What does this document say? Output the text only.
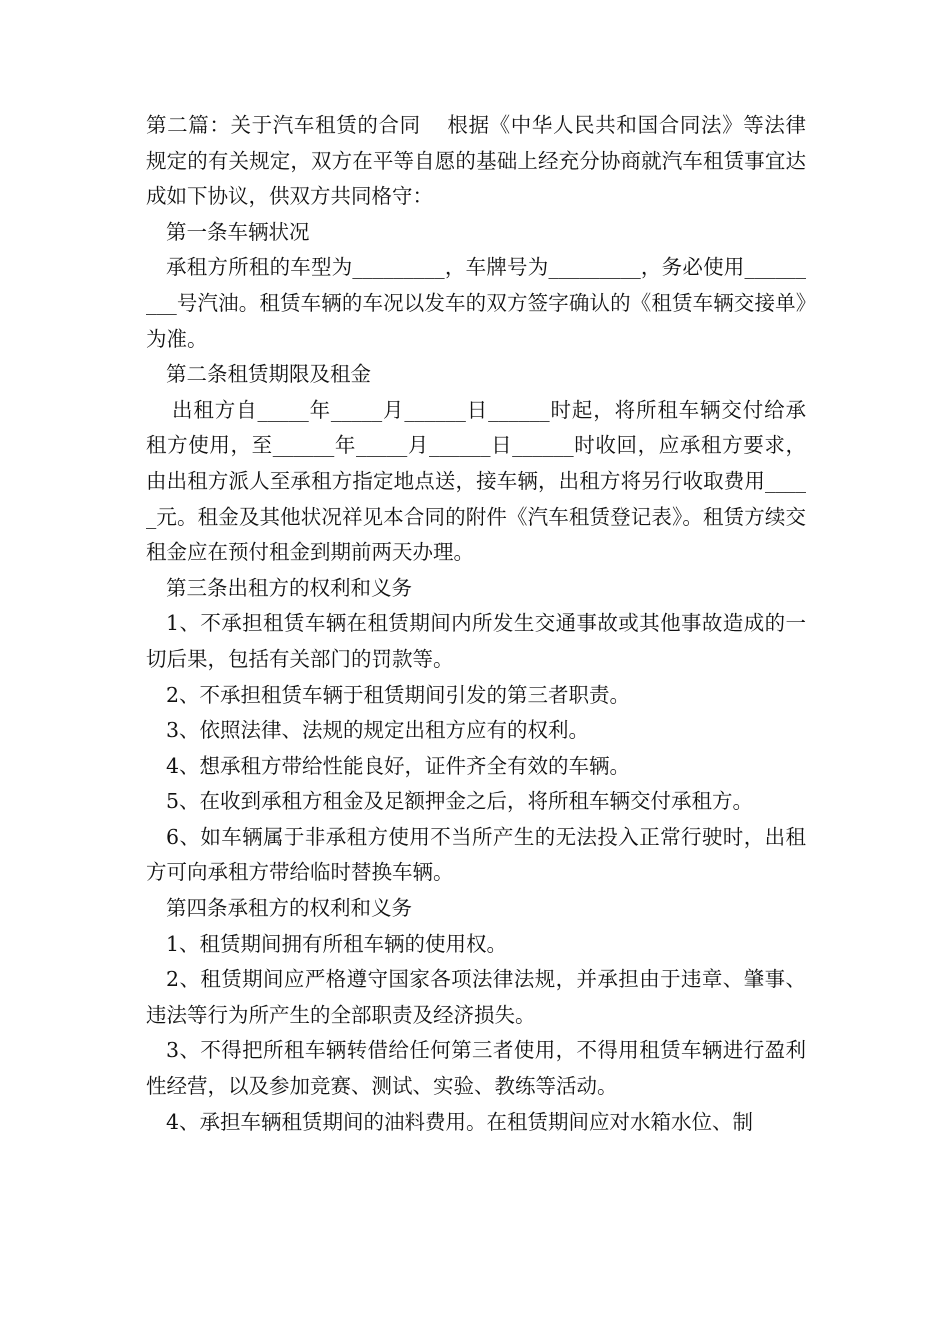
第二篇：关于汽车租赁的合同 根据《中华人民共和国合同法》等法律规定的有关规定，双方在平等自愿的基础上经充分协商就汽车租赁事宜达成如下协议，供双方共同格守：

第一条车辆状况

承租方所租的车型为_________，车牌号为_________，务必使用_________号汽油。租赁车辆的车况以发车的双方签字确认的《租赁车辆交接单》为准。

第二条租赁期限及租金

出租方自_____年_____月______日______时起，将所租车辆交付给承租方使用，至______年_____月______日______时收回，应承租方要求，由出租方派人至承租方指定地点送，接车辆，出租方将另行收取费用_____元。租金及其他状况祥见本合同的附件《汽车租赁登记表》。租赁方续交租金应在预付租金到期前两天办理。

第三条出租方的权利和义务

1、不承担租赁车辆在租赁期间内所发生交通事故或其他事故造成的一切后果，包括有关部门的罚款等。

2、不承担租赁车辆于租赁期间引发的第三者职责。

3、依照法律、法规的规定出租方应有的权利。

4、想承租方带给性能良好，证件齐全有效的车辆。

5、在收到承租方租金及足额押金之后，将所租车辆交付承租方。

6、如车辆属于非承租方使用不当所产生的无法投入正常行驶时，出租方可向承租方带给临时替换车辆。

第四条承租方的权利和义务

1、租赁期间拥有所租车辆的使用权。

2、租赁期间应严格遵守国家各项法律法规，并承担由于违章、肇事、违法等行为所产生的全部职责及经济损失。

3、不得把所租车辆转借给任何第三者使用，不得用租赁车辆进行盈利性经营，以及参加竞赛、测试、实验、教练等活动。

4、承担车辆租赁期间的油料费用。在租赁期间应对水箱水位、制
